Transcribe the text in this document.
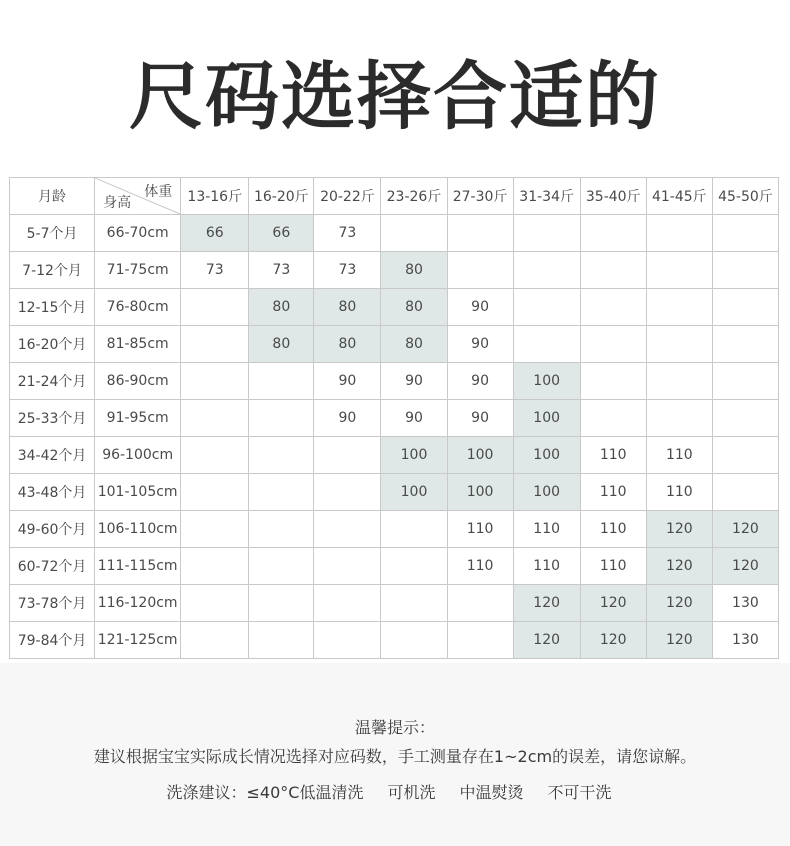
尺码选择合适的
月龄	体重
身高	13-16斤	16-20斤	20-22斤	23-26斤	27-30斤	31-34斤	35-40斤	41-45斤	45-50斤
5-7个月	66-70cm	66	66	73						
7-12个月	71-75cm	73	73	73	80					
12-15个月	76-80cm		80	80	80	90				
16-20个月	81-85cm		80	80	80	90				
21-24个月	86-90cm			90	90	90	100			
25-33个月	91-95cm			90	90	90	100			
34-42个月	96-100cm				100	100	100	110	110	
43-48个月	101-105cm				100	100	100	110	110	
49-60个月	106-110cm					110	110	110	120	120
60-72个月	111-115cm					110	110	110	120	120
73-78个月	116-120cm						120	120	120	130
79-84个月	121-125cm						120	120	120	130
温馨提示：
建议根据宝宝实际成长情况选择对应码数，手工测量存在1~2cm的误差，请您谅解。
洗涤建议：≤40°C低温清洗 可机洗 中温熨烫 不可干洗
